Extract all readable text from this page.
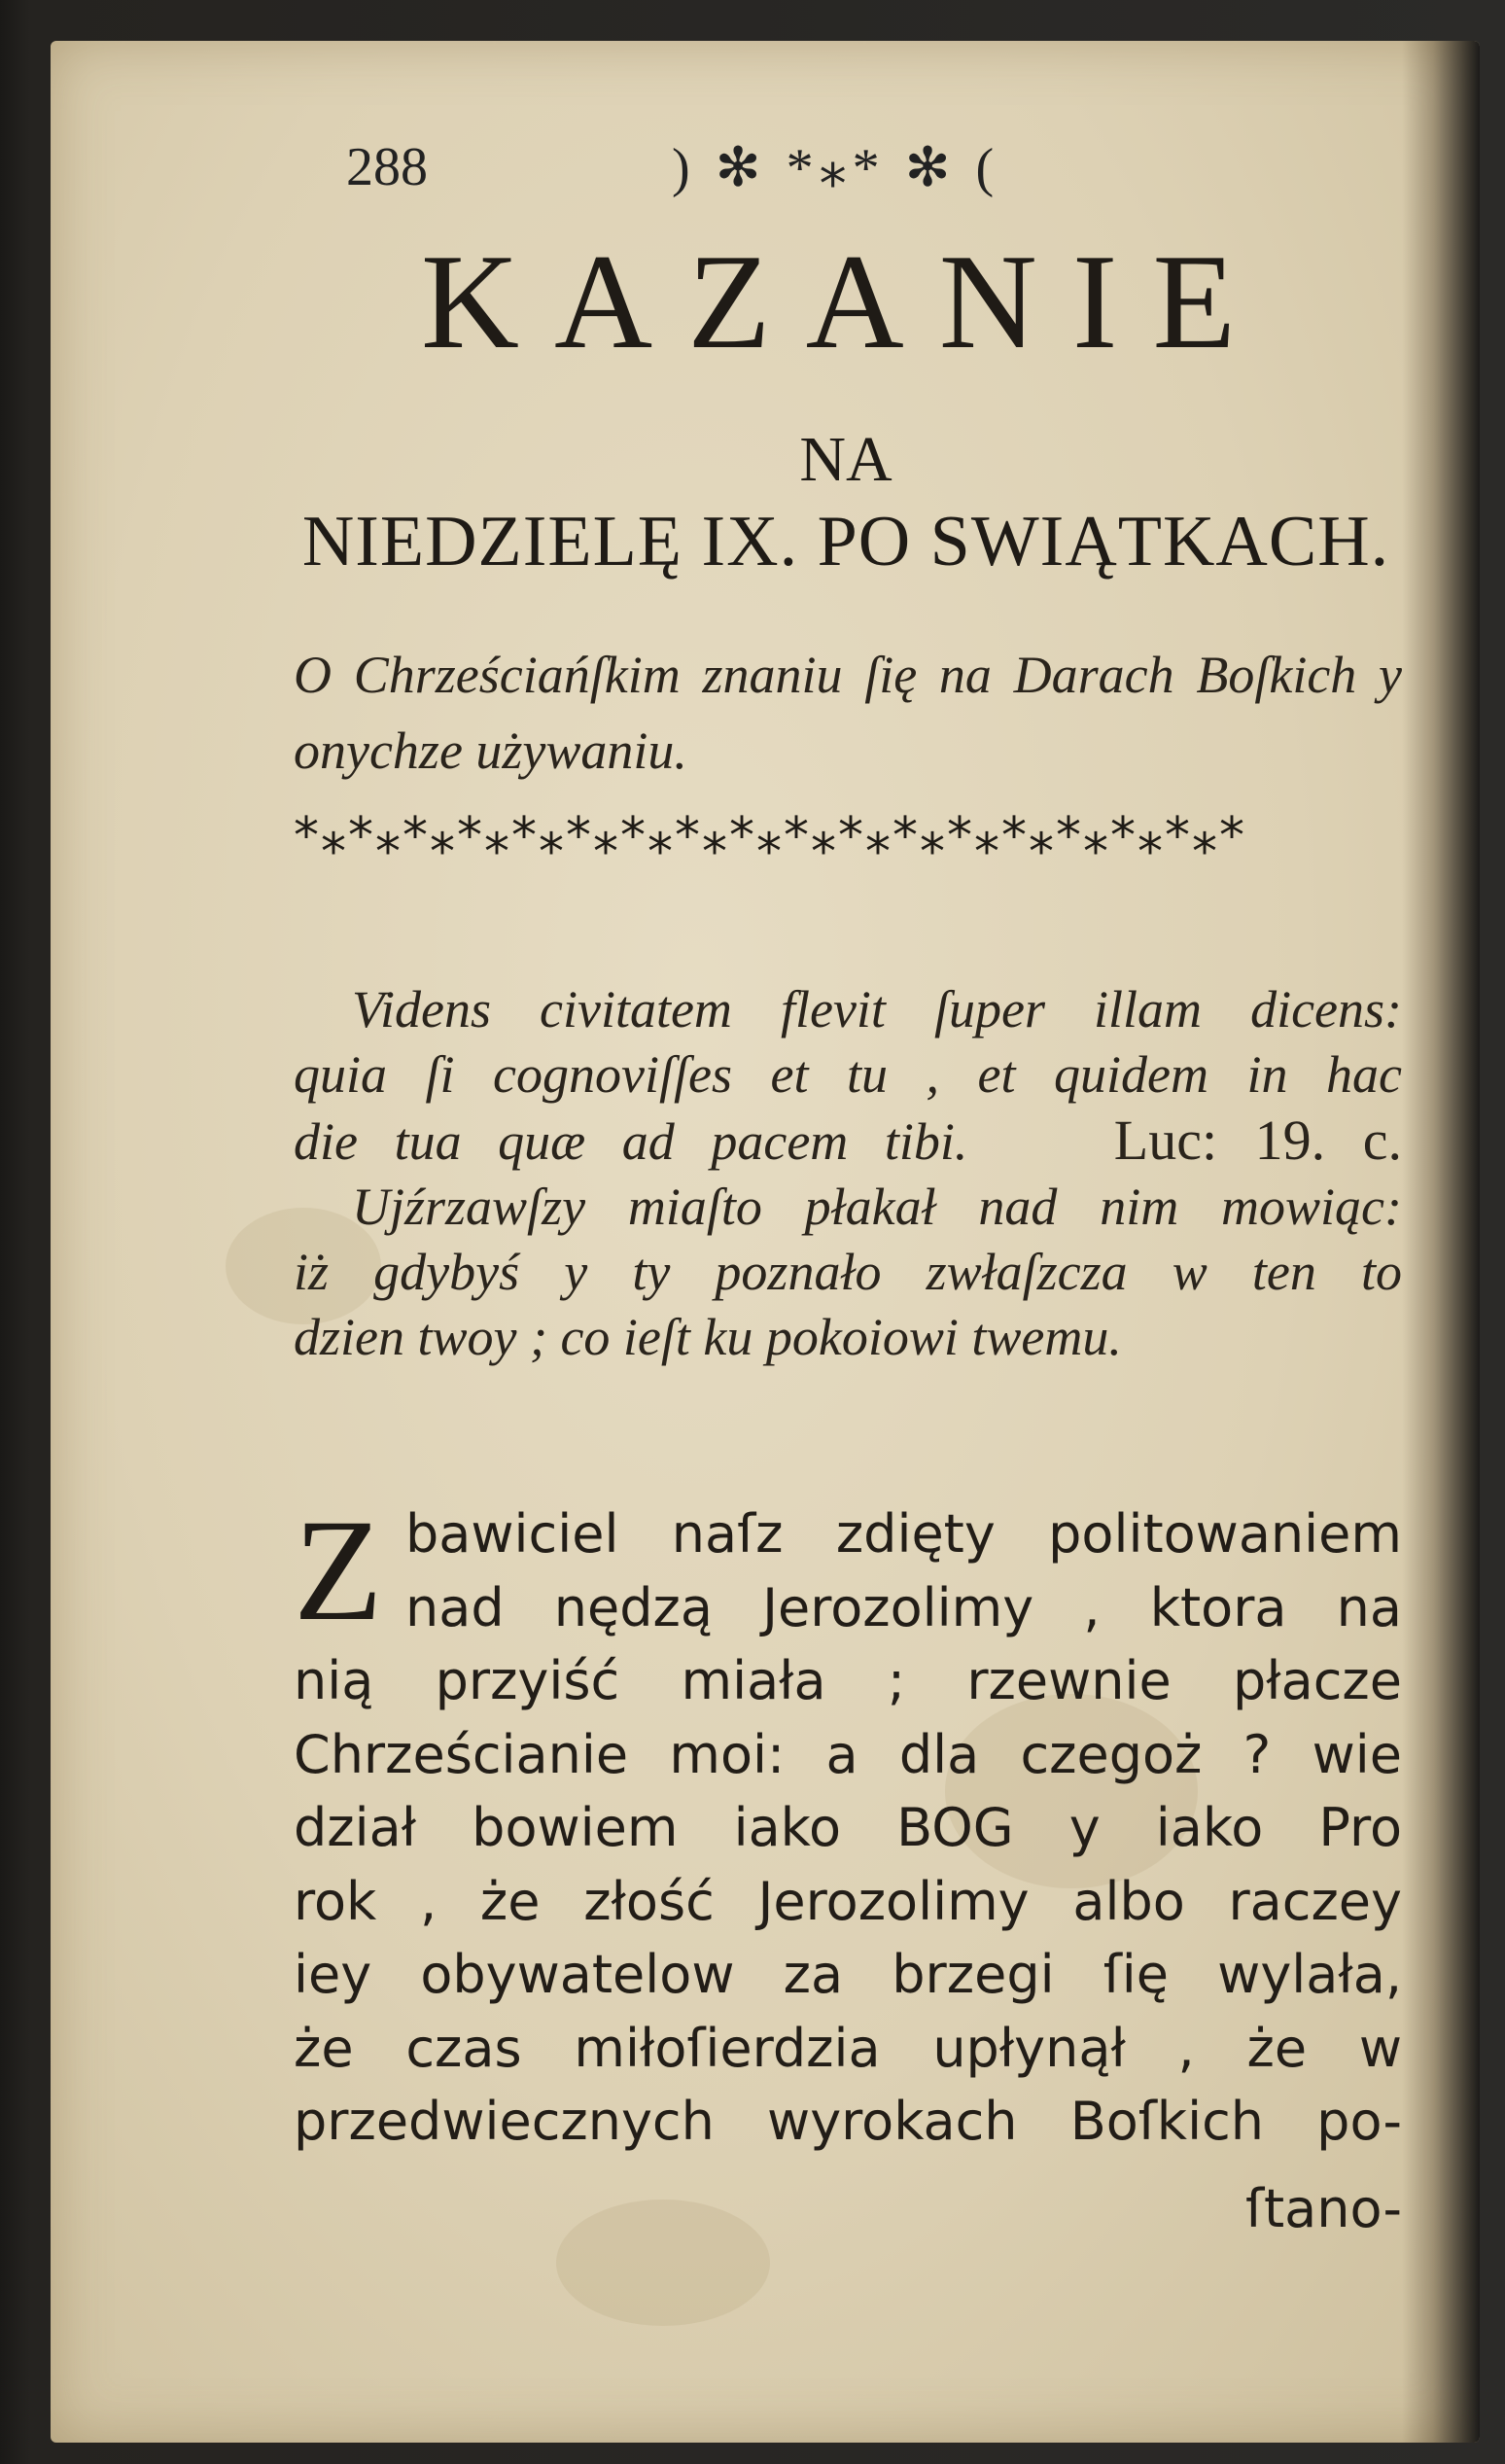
288	) ✻ *⁎* ✻ (
KAZANIE
NA
NIEDZIELĘ IX. PO SWIĄTKACH.
O Chrześciańſkim znaniu ſię na Darach Boſkich y onychze używaniu.
*⁎*⁎*⁎*⁎*⁎*⁎*⁎*⁎*⁎*⁎*⁎*⁎*⁎*⁎*⁎*⁎*⁎*
Videns civitatem flevit ſuper illam dicens:
quia ſi cognoviſſes et tu , et quidem in hac
die tua quæ ad pacem tibi.	Luc: 19. c.
Ujźrzawſzy miaſto płakał nad nim mowiąc:
iż gdybyś y ty poznało zwłaſzcza w ten to
dzien twoy ; co ieſt ku pokoiowi twemu.
Z bawiciel naſz zdięty politowaniem
nad nędzą Jerozolimy , ktora na
nią przyiść miała ; rzewnie płacze
Chrześcianie moi: a dla czegoż ? wie
dział bowiem iako BOG y iako Pro
rok , że złość Jerozolimy albo raczey
iey obywatelow za brzegi ſię wylała,
że czas miłoſierdzia upłynął , że w
przedwiecznych wyrokach Boſkich po-
ſtano-
